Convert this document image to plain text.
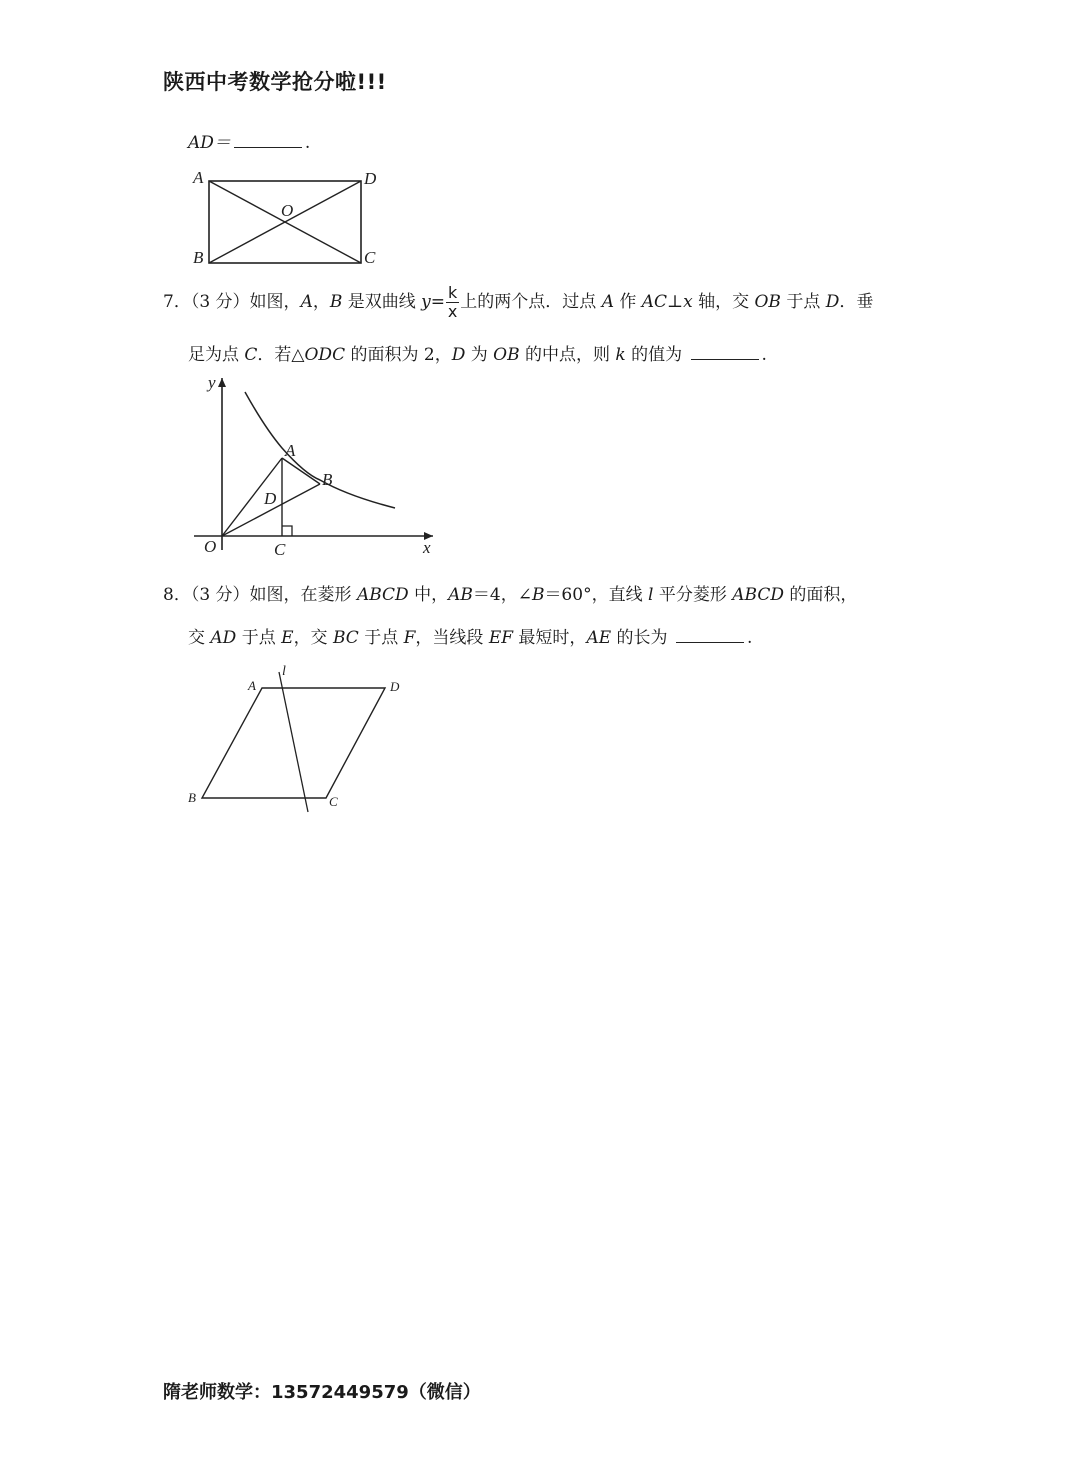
陕西中考数学抢分啦!!!
AD＝	.
A	D
O
B	C
7．（3 分）如图，A，B 是双曲线 $y= \frac{k}{x}$ 上的两个点．过点 A 作 AC⊥x 轴，交 OB 于点 D．垂
足为点 C．若△ODC 的面积为 2，D 为 OB 的中点，则 k 的值为	.
y
x
O
A
B
D
C
8．（3 分）如图，在菱形 ABCD 中，AB＝4，∠B＝60°，直线 l 平分菱形 ABCD 的面积，
交 AD 于点 E，交 BC 于点 F，当线段 EF 最短时，AE 的长为	.
l
A	D
B	C
隋老师数学：13572449579（微信）
